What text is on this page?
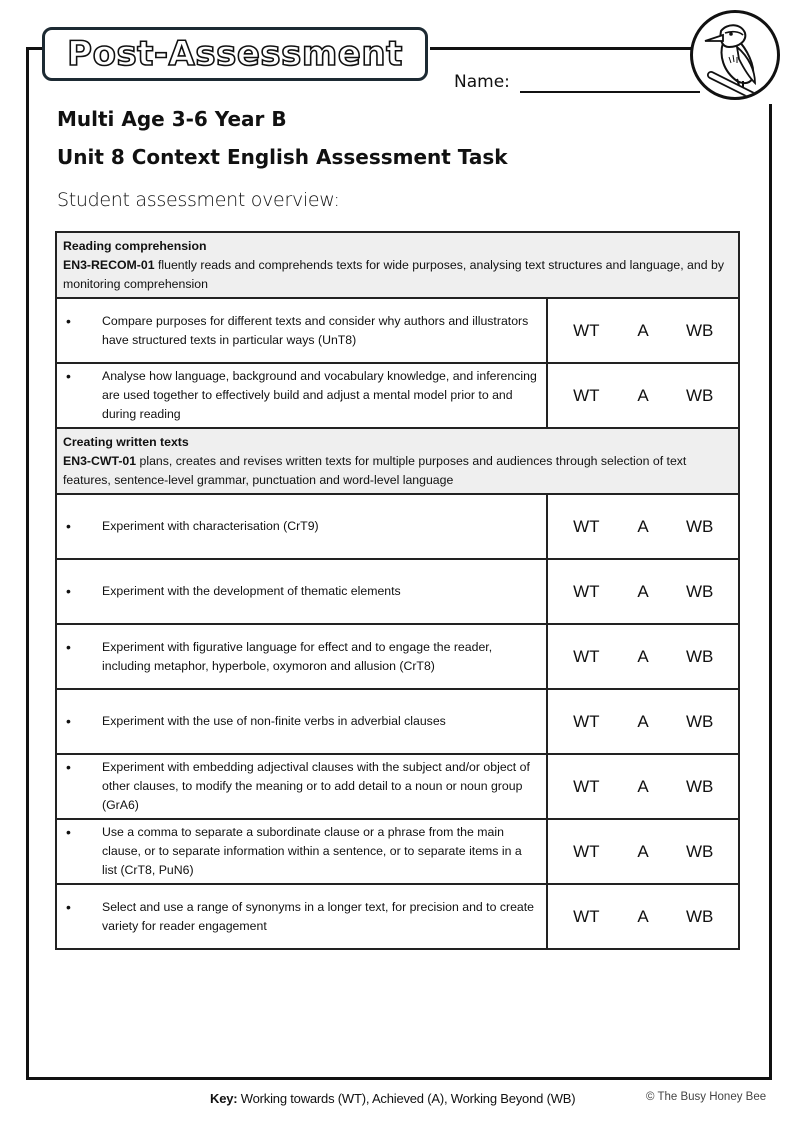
Post-Assessment
Name:
Multi Age 3-6 Year B
Unit 8 Context English Assessment Task
Student assessment overview:
Reading comprehension
EN3-RECOM-01 fluently reads and comprehends texts for wide purposes, analysing text structures and language, and by monitoring comprehension	

• Compare purposes for different texts and consider why authors and illustrators have structured texts in particular ways (UnT8)	WT A WB

• Analyse how language, background and vocabulary knowledge, and inferencing are used together to effectively build and adjust a mental model prior to and during reading	WT A WB

Creating written texts
EN3-CWT-01 plans, creates and revises written texts for multiple purposes and audiences through selection of text features, sentence-level grammar, punctuation and word-level language	

• Experiment with characterisation (CrT9)	WT A WB

• Experiment with the development of thematic elements	WT A WB

• Experiment with figurative language for effect and to engage the reader, including metaphor, hyperbole, oxymoron and allusion (CrT8)	WT A WB

• Experiment with the use of non-finite verbs in adverbial clauses	WT A WB

• Experiment with embedding adjectival clauses with the subject and/or object of other clauses, to modify the meaning or to add detail to a noun or noun group (GrA6)	WT A WB

• Use a comma to separate a subordinate clause or a phrase from the main clause, or to separate information within a sentence, or to separate items in a list (CrT8, PuN6)	WT A WB

• Select and use a range of synonyms in a longer text, for precision and to create variety for reader engagement	WT A WB
Key: Working towards (WT), Achieved (A), Working Beyond (WB)	© The Busy Honey Bee
